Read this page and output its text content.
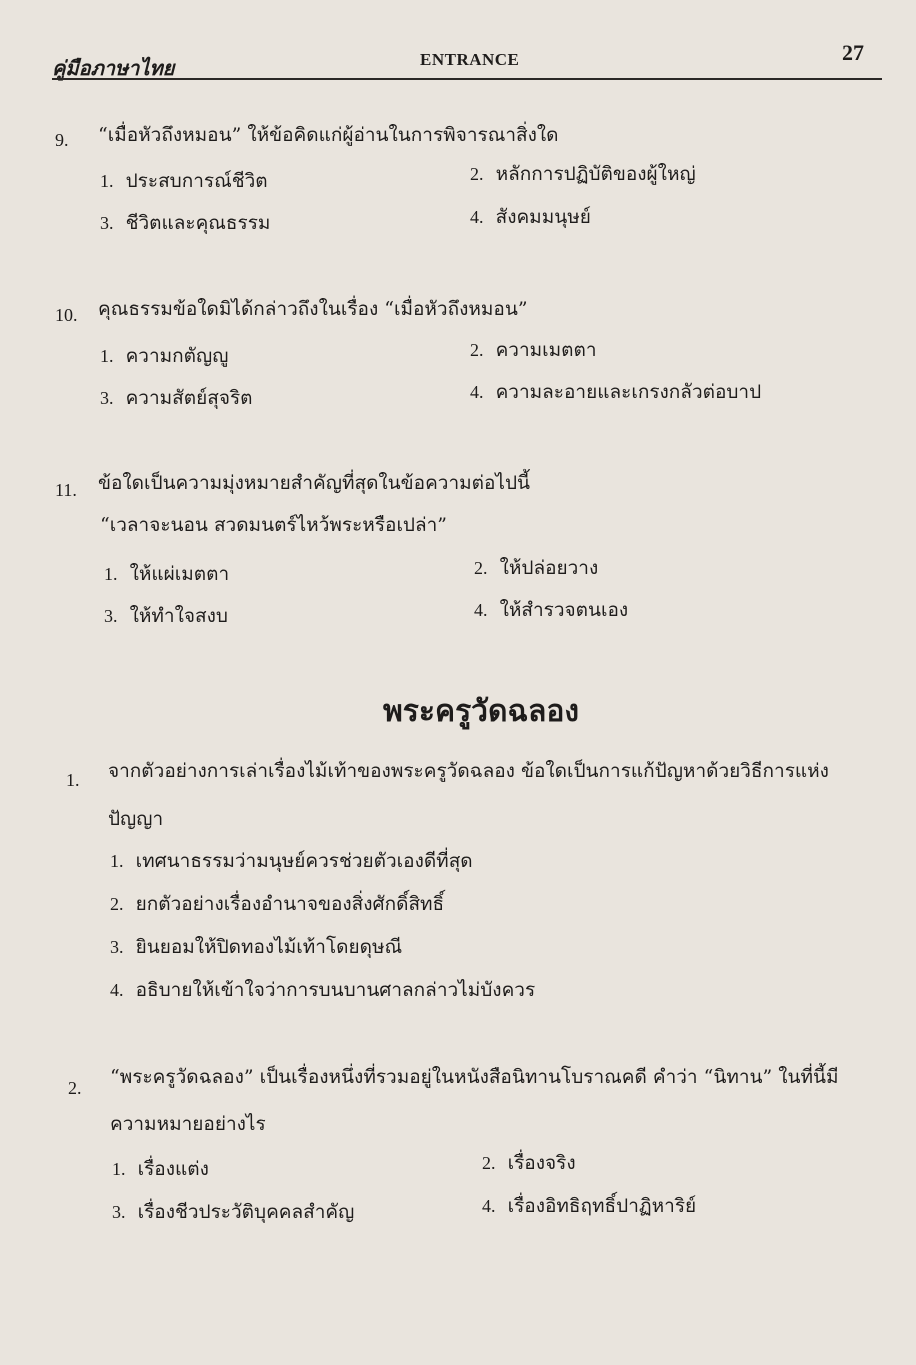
คู่มือภาษาไทย	ENTRANCE	27
9. “เมื่อหัวถึงหมอน” ให้ข้อคิดแก่ผู้อ่านในการพิจารณาสิ่งใด
1. ประสบการณ์ชีวิต	2. หลักการปฏิบัติของผู้ใหญ่
3. ชีวิตและคุณธรรม	4. สังคมมนุษย์
10. คุณธรรมข้อใดมิได้กล่าวถึงในเรื่อง “เมื่อหัวถึงหมอน”
1. ความกตัญญู	2. ความเมตตา
3. ความสัตย์สุจริต	4. ความละอายและเกรงกลัวต่อบาป
11. ข้อใดเป็นความมุ่งหมายสำคัญที่สุดในข้อความต่อไปนี้
“เวลาจะนอน สวดมนตร์ไหว้พระหรือเปล่า”
1. ให้แผ่เมตตา	2. ให้ปล่อยวาง
3. ให้ทำใจสงบ	4. ให้สำรวจตนเอง
พระครูวัดฉลอง
1. จากตัวอย่างการเล่าเรื่องไม้เท้าของพระครูวัดฉลอง ข้อใดเป็นการแก้ปัญหาด้วยวิธีการแห่ง
ปัญญา
1. เทศนาธรรมว่ามนุษย์ควรช่วยตัวเองดีที่สุด
2. ยกตัวอย่างเรื่องอำนาจของสิ่งศักดิ์สิทธิ์
3. ยินยอมให้ปิดทองไม้เท้าโดยดุษณี
4. อธิบายให้เข้าใจว่าการบนบานศาลกล่าวไม่บังควร
2. “พระครูวัดฉลอง” เป็นเรื่องหนึ่งที่รวมอยู่ในหนังสือนิทานโบราณคดี คำว่า “นิทาน” ในที่นี้มี
ความหมายอย่างไร
1. เรื่องแต่ง	2. เรื่องจริง
3. เรื่องชีวประวัติบุคคลสำคัญ	4. เรื่องอิทธิฤทธิ์ปาฏิหาริย์
